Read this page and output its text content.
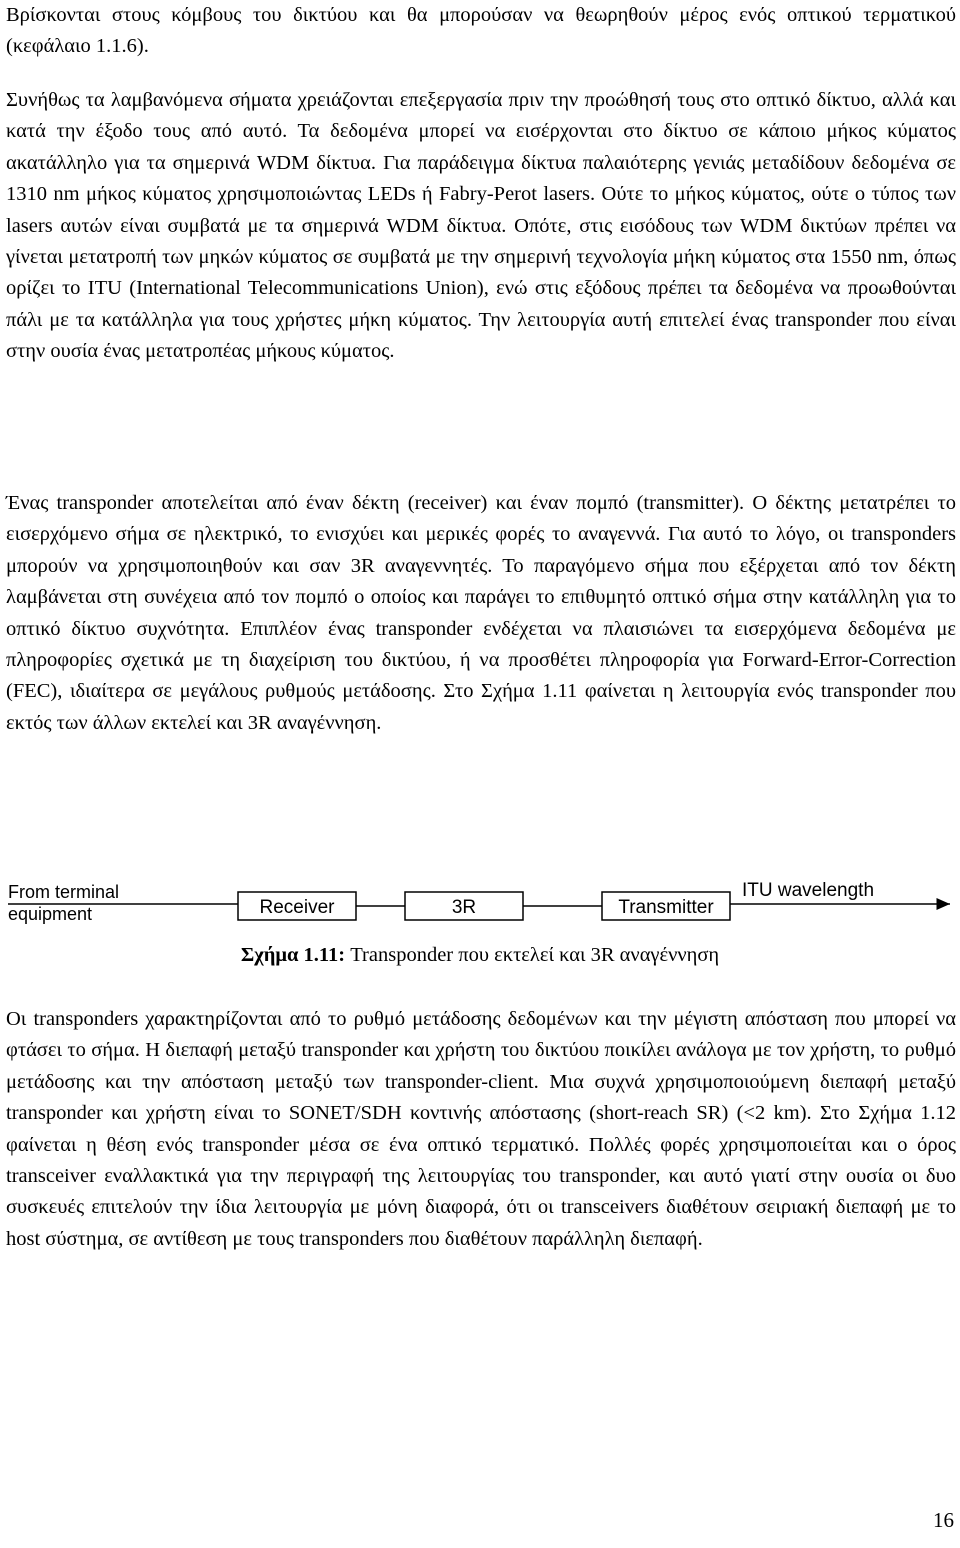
Βρίσκονται στους κόμβους του δικτύου και θα μπορούσαν να θεωρηθούν μέρος ενός οπτικού τερματικού (κεφάλαιο 1.1.6).

Συνήθως τα λαμβανόμενα σήματα χρειάζονται επεξεργασία πριν την προώθησή τους στο οπτικό δίκτυο, αλλά και κατά την έξοδο τους από αυτό. Τα δεδομένα μπορεί να εισέρχονται στο δίκτυο σε κάποιο μήκος κύματος ακατάλληλο για τα σημερινά WDM δίκτυα. Για παράδειγμα δίκτυα παλαιότερης γενιάς μεταδίδουν δεδομένα σε 1310 nm μήκος κύματος χρησιμοποιώντας LEDs ή Fabry-Perot lasers. Ούτε το μήκος κύματος, ούτε ο τύπος των lasers αυτών είναι συμβατά με τα σημερινά WDM δίκτυα. Οπότε, στις εισόδους των WDM δικτύων πρέπει να γίνεται μετατροπή των μηκών κύματος σε συμβατά με την σημερινή τεχνολογία μήκη κύματος στα 1550 nm, όπως ορίζει το ITU (International Telecommunications Union), ενώ στις εξόδους πρέπει τα δεδομένα να προωθούνται πάλι με τα κατάλληλα για τους χρήστες μήκη κύματος. Την λειτουργία αυτή επιτελεί ένας transponder που είναι στην ουσία ένας μετατροπέας μήκους κύματος.

Ένας transponder αποτελείται από έναν δέκτη (receiver) και έναν πομπό (transmitter). Ο δέκτης μετατρέπει το εισερχόμενο σήμα σε ηλεκτρικό, το ενισχύει και μερικές φορές το αναγεννά. Για αυτό το λόγο, οι transponders μπορούν να χρησιμοποιηθούν και σαν 3R αναγεννητές. Το παραγόμενο σήμα που εξέρχεται από τον δέκτη λαμβάνεται στη συνέχεια από τον πομπό ο οποίος και παράγει το επιθυμητό οπτικό σήμα στην κατάλληλη για το οπτικό δίκτυο συχνότητα. Επιπλέον ένας transponder ενδέχεται να πλαισιώνει τα εισερχόμενα δεδομένα με πληροφορίες σχετικά με τη διαχείριση του δικτύου, ή να προσθέτει πληροφορία για Forward-Error-Correction (FEC), ιδιαίτερα σε μεγάλους ρυθμούς μετάδοσης. Στο Σχήμα 1.11 φαίνεται η λειτουργία ενός transponder που εκτός των άλλων εκτελεί και 3R αναγέννηση.

From terminal
equipment	Receiver	3R	Transmitter
ITU wavelength
Σχήμα 1.11: Transponder που εκτελεί και 3R αναγέννηση

Οι transponders χαρακτηρίζονται από το ρυθμό μετάδοσης δεδομένων και την μέγιστη απόσταση που μπορεί να φτάσει το σήμα. Η διεπαφή μεταξύ transponder και χρήστη του δικτύου ποικίλει ανάλογα με τον χρήστη, το ρυθμό μετάδοσης και την απόσταση μεταξύ των transponder-client. Μια συχνά χρησιμοποιούμενη διεπαφή μεταξύ transponder και χρήστη είναι το SONET/SDH κοντινής απόστασης (short-reach SR) (<2 km). Στο Σχήμα 1.12 φαίνεται η θέση ενός transponder μέσα σε ένα οπτικό τερματικό. Πολλές φορές χρησιμοποιείται και ο όρος transceiver εναλλακτικά για την περιγραφή της λειτουργίας του transponder, και αυτό γιατί στην ουσία οι δυο συσκευές επιτελούν την ίδια λειτουργία με μόνη διαφορά, ότι οι transceivers διαθέτουν σειριακή διεπαφή με το host σύστημα, σε αντίθεση με τους transponders που διαθέτουν παράλληλη διεπαφή.

16
